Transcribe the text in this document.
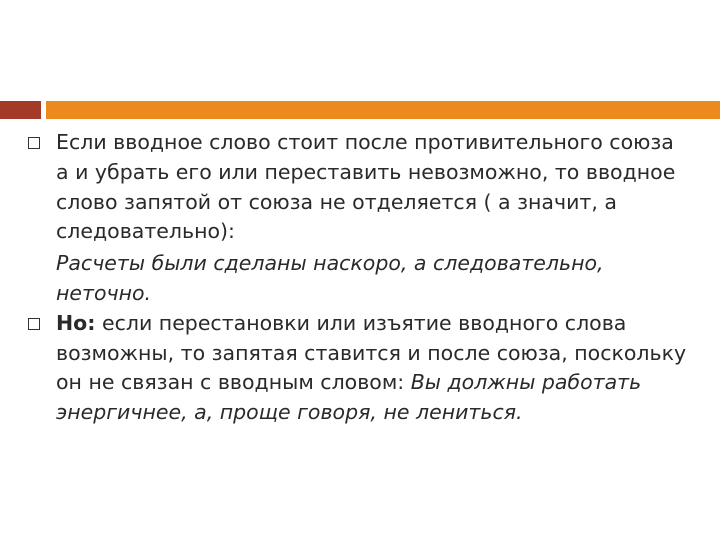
Если вводное слово стоит после противительного союза а и убрать его или переставить невозможно, то вводное слово запятой от союза не отделяется ( а значит, а следовательно):
Расчеты были сделаны наскоро, а следовательно, неточно.
Но: если перестановки или изъятие вводного слова возможны, то запятая ставится и после союза, поскольку он не связан с вводным словом: Вы должны работать энергичнее, а, проще говоря, не лениться.
